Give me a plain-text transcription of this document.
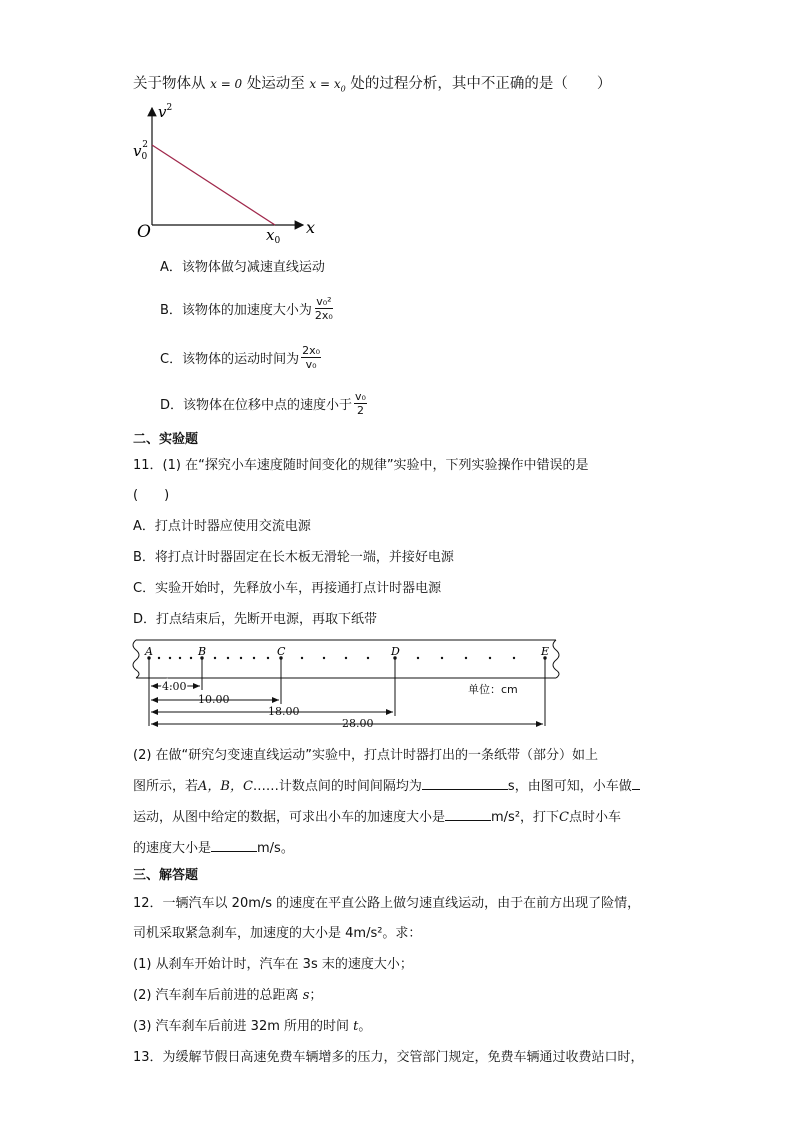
关于物体从 x = 0 处运动至 $x = x_0$ 处的过程分析，其中不正确的是（　　）
$v^2$
$v_02$
O	$x_0$
x
A．该物体做匀减速直线运动
B．该物体的加速度大小为 $\frac{\text{v₀²}}{\text{2x₀}}$
C．该物体的运动时间为 $\frac{\text{2x₀}}{\text{v₀}}$
D．该物体在位移中点的速度小于 $\frac{\text{v₀}}{2}$
二、实验题
11．(1) 在“探究小车速度随时间变化的规律”实验中，下列实验操作中错误的是
(　　)
A．打点计时器应使用交流电源
B．将打点计时器固定在长木板无滑轮一端，并接好电源
C．实验开始时，先释放小车，再接通打点计时器电源
D．打点结束后，先断开电源，再取下纸带
A	B	C	D	E
4.00
10.00
18.00
28.00
单位：cm
(2) 在做“研究匀变速直线运动”实验中，打点计时器打出的一条纸带（部分）如上
图所示，若A，B，C……计数点间的时间间隔均为	s，由图可知，小车做
运动，从图中给定的数据，可求出小车的加速度大小是	m/s²，打下C点时小车
的速度大小是	m/s。
三、解答题
12．一辆汽车以 20m/s 的速度在平直公路上做匀速直线运动，由于在前方出现了险情，
司机采取紧急刹车，加速度的大小是 4m/s²。求：
(1) 从刹车开始计时，汽车在 3s 末的速度大小；
(2) 汽车刹车后前进的总距离 s；
(3) 汽车刹车后前进 32m 所用的时间 t。
13．为缓解节假日高速免费车辆增多的压力，交管部门规定，免费车辆通过收费站口时，
